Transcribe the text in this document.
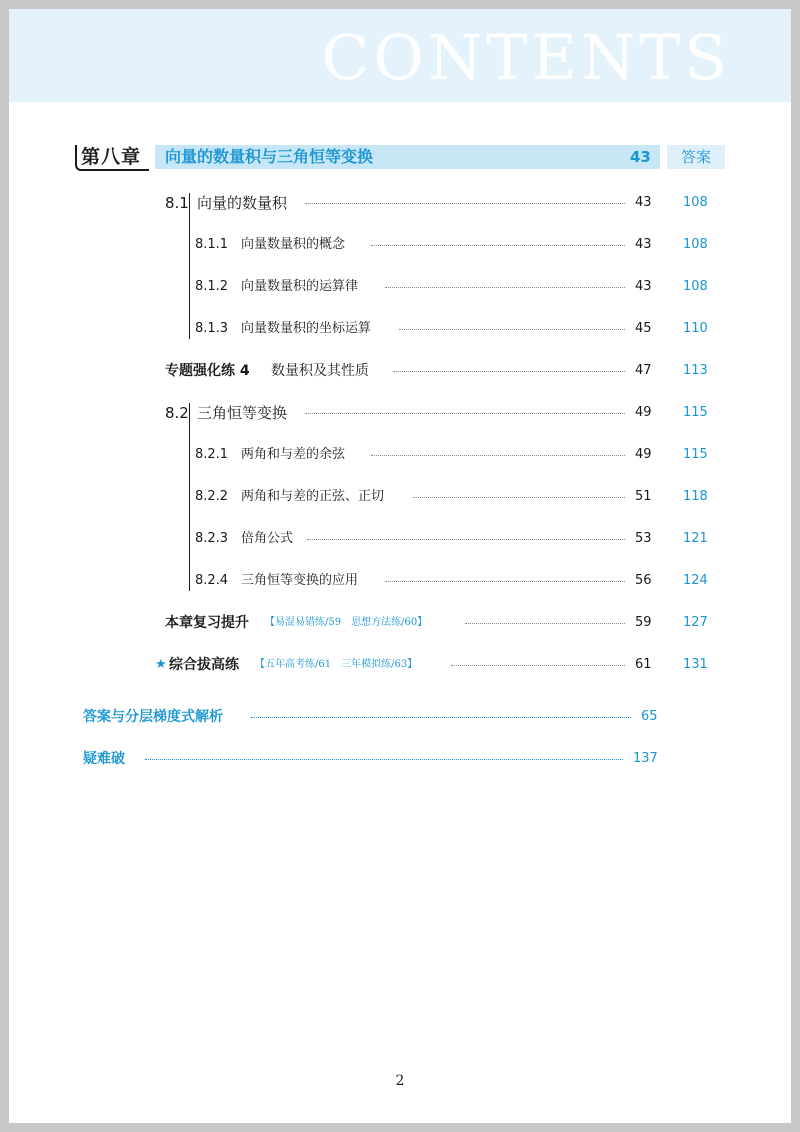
CONTENTS
第八章 向量的数量积与三角恒等变换	43	答案
8.1 向量的数量积	43 108
8.1.1 向量数量积的概念	43 108
8.1.2 向量数量积的运算律	43 108
8.1.3 向量数量积的坐标运算	45 110
专题强化练 4 数量积及其性质	47 113
8.2 三角恒等变换	49 115
8.2.1 两角和与差的余弦	49 115
8.2.2 两角和与差的正弦、正切	51 118
8.2.3 倍角公式	53 121
8.2.4 三角恒等变换的应用	56 124
本章复习提升 【易混易错练/59　思想方法练/60】	59 127
★ 综合拔高练 【五年高考练/61　三年模拟练/63】	61 131
答案与分层梯度式解析	65
疑难破	137
2
